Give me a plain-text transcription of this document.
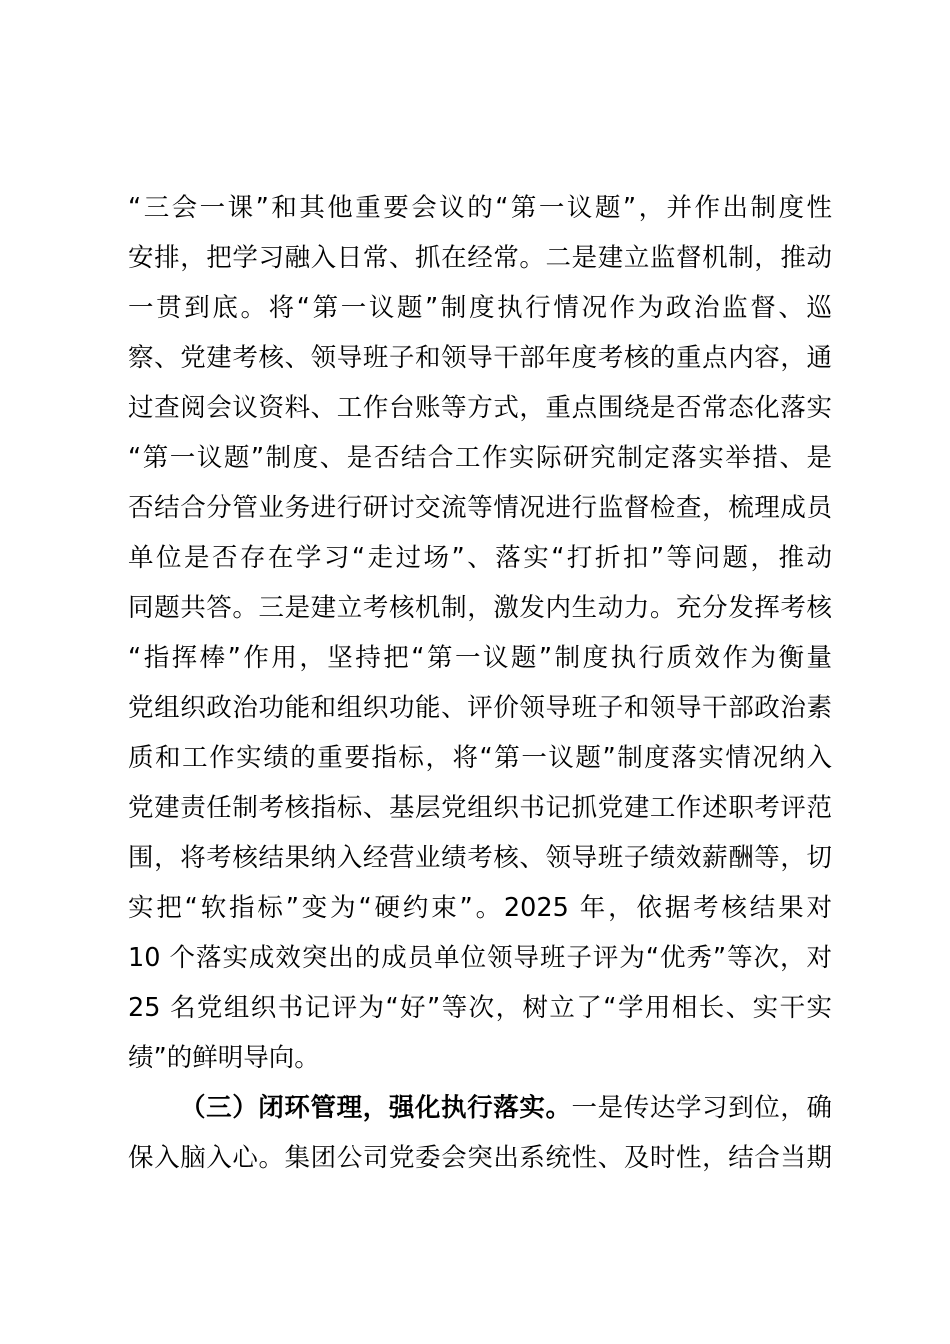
“三会一课”和其他重要会议的“第一议题”，并作出制度性
安排，把学习融入日常、抓在经常。二是建立监督机制，推动
一贯到底。将“第一议题”制度执行情况作为政治监督、巡
察、党建考核、领导班子和领导干部年度考核的重点内容，通
过查阅会议资料、工作台账等方式，重点围绕是否常态化落实
“第一议题”制度、是否结合工作实际研究制定落实举措、是
否结合分管业务进行研讨交流等情况进行监督检查，梳理成员
单位是否存在学习“走过场”、落实“打折扣”等问题，推动
同题共答。三是建立考核机制，激发内生动力。充分发挥考核
“指挥棒”作用，坚持把“第一议题”制度执行质效作为衡量
党组织政治功能和组织功能、评价领导班子和领导干部政治素
质和工作实绩的重要指标，将“第一议题”制度落实情况纳入
党建责任制考核指标、基层党组织书记抓党建工作述职考评范
围，将考核结果纳入经营业绩考核、领导班子绩效薪酬等，切
实把“软指标”变为“硬约束”。2025 年，依据考核结果对
10 个落实成效突出的成员单位领导班子评为“优秀”等次，对
25 名党组织书记评为“好”等次，树立了“学用相长、实干实
绩”的鲜明导向。
（三）闭环管理，强化执行落实。一是传达学习到位，确
保入脑入心。集团公司党委会突出系统性、及时性，结合当期
